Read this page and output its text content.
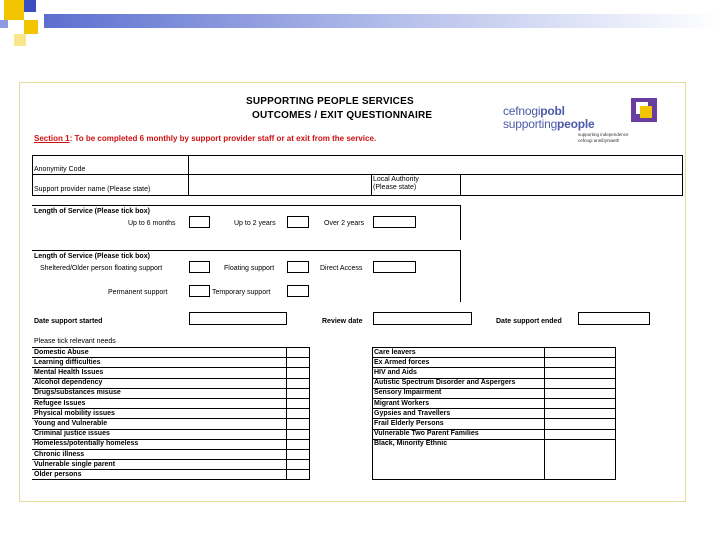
SUPPORTING PEOPLE SERVICES
OUTCOMES / EXIT QUESTIONNAIRE
Section 1: To be completed 6 monthly by support provider staff or at exit from the service.
cefnogipobl
supportingpeople
supporting independence
cefnogi annibyniaeth
Anonymity Code
Support provider name (Please state)
Local Authority
(Please state)
Length of Service (Please tick box)
Up to 6 months	Up to 2 years	Over 2 years
Length of Service (Please tick box)
Sheltered/Older person floating support	Floating support	Direct Access
Permanent support	Temporary support
Date support started	Review date	Date support ended
Please tick relevant needs
Domestic Abuse
Learning difficulties
Mental Health Issues
Alcohol dependency
Drugs/substances misuse
Refugee Issues
Physical mobility issues
Young and Vulnerable
Criminal justice issues
Homeless/potentially homeless
Chronic illness
Vulnerable single parent
Older persons
Care leavers
Ex Armed forces
HIV and Aids
Autistic Spectrum Disorder and Aspergers
Sensory Impairment
Migrant Workers
Gypsies and Travellers
Frail Elderly Persons
Vulnerable Two Parent Families
Black, Minority Ethnic
